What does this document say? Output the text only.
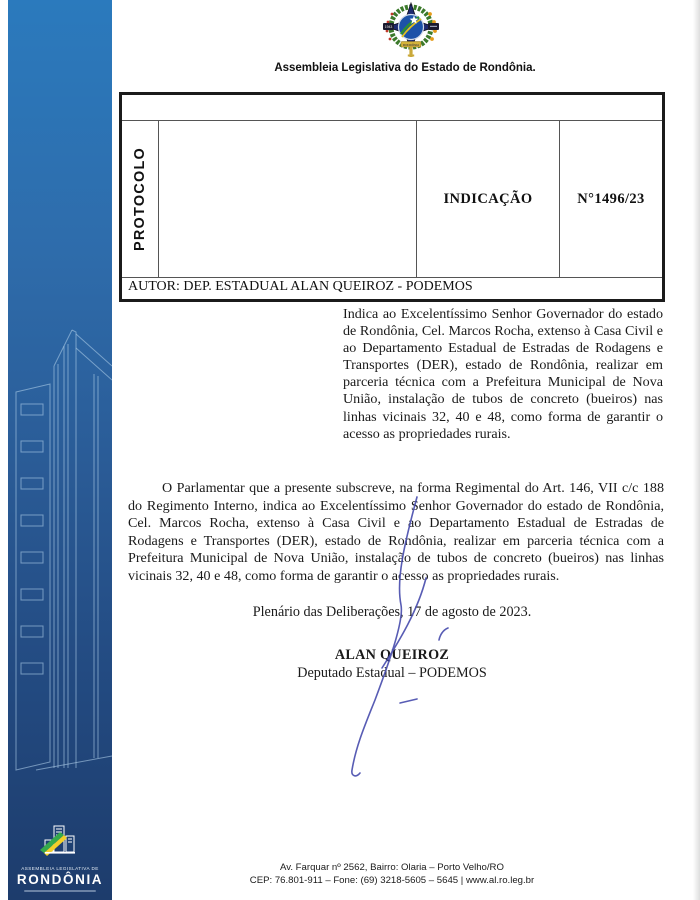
ASSEMBLEIA LEGISLATIVA DE
RONDÔNIA
1943
RONDÔNIA
Assembleia Legislativa do Estado de Rondônia.
PROTOCOLO	INDICAÇÃO	N°1496/23
AUTOR: DEP. ESTADUAL ALAN QUEIROZ - PODEMOS
Indica ao Excelentíssimo Senhor Governador do estado de Rondônia, Cel. Marcos Rocha, extenso à Casa Civil e ao Departamento Estadual de Estradas de Rodagens e Transportes (DER), estado de Rondônia, realizar em parceria técnica com a Prefeitura Municipal de Nova União, instalação de tubos de concreto (bueiros) nas linhas vicinais 32, 40 e 48, como forma de garantir o acesso as propriedades rurais.
O Parlamentar que a presente subscreve, na forma Regimental do Art. 146, VII c/c 188 do Regimento Interno, indica ao Excelentíssimo Senhor Governador do estado de Rondônia, Cel. Marcos Rocha, extenso à Casa Civil e ao Departamento Estadual de Estradas de Rodagens e Transportes (DER), estado de Rondônia, realizar em parceria técnica com a Prefeitura Municipal de Nova União, instalação de tubos de concreto (bueiros) nas linhas vicinais 32, 40 e 48, como forma de garantir o acesso as propriedades rurais.
Plenário das Deliberações, 17 de agosto de 2023.
ALAN QUEIROZ
Deputado Estadual – PODEMOS
Av. Farquar nº 2562, Bairro: Olaria – Porto Velho/RO
CEP: 76.801-911 – Fone: (69) 3218-5605 – 5645 | www.al.ro.leg.br
